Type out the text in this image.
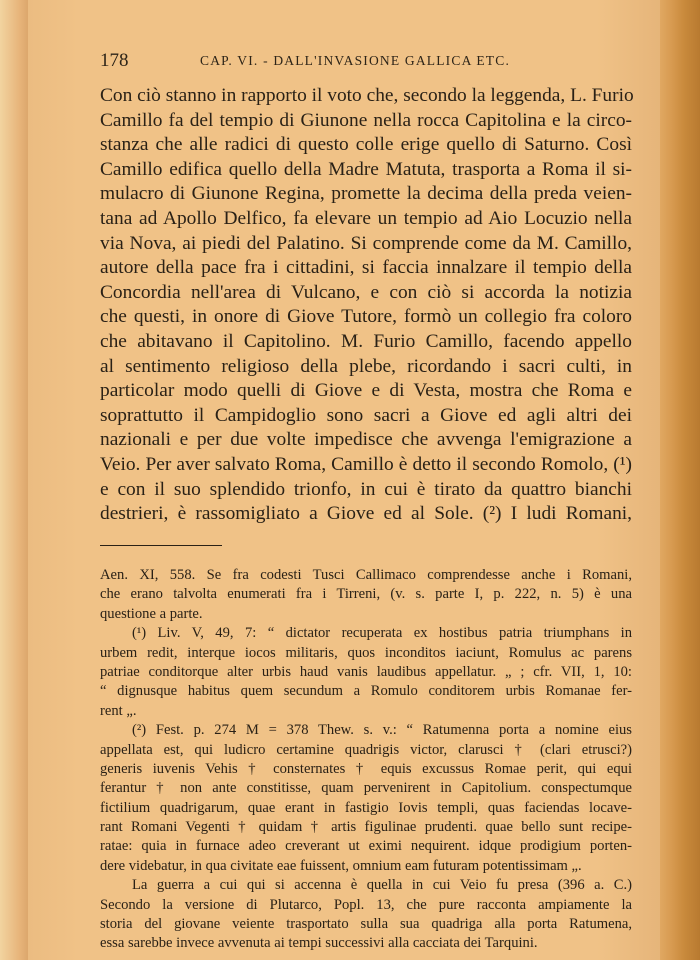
178	CAP. VI. - DALL'INVASIONE GALLICA ETC.
Con ciò stanno in rapporto il voto che, secondo la leggenda, L. Furio
Camillo fa del tempio di Giunone nella rocca Capitolina e la circo-
stanza che alle radici di questo colle erige quello di Saturno. Così
Camillo edifica quello della Madre Matuta, trasporta a Roma il si-
mulacro di Giunone Regina, promette la decima della preda veien-
tana ad Apollo Delfico, fa elevare un tempio ad Aio Locuzio nella
via Nova, ai piedi del Palatino. Si comprende come da M. Camillo,
autore della pace fra i cittadini, si faccia innalzare il tempio della
Concordia nell'area di Vulcano, e con ciò si accorda la notizia
che questi, in onore di Giove Tutore, formò un collegio fra coloro
che abitavano il Capitolino. M. Furio Camillo, facendo appello
al sentimento religioso della plebe, ricordando i sacri culti, in
particolar modo quelli di Giove e di Vesta, mostra che Roma e
soprattutto il Campidoglio sono sacri a Giove ed agli altri dei
nazionali e per due volte impedisce che avvenga l'emigrazione a
Veio. Per aver salvato Roma, Camillo è detto il secondo Romolo, (¹)
e con il suo splendido trionfo, in cui è tirato da quattro bianchi
destrieri, è rassomigliato a Giove ed al Sole. (²) I ludi Romani,
Aen. XI, 558. Se fra codesti Tusci Callimaco comprendesse anche i Romani,
che erano talvolta enumerati fra i Tirreni, (v. s. parte I, p. 222, n. 5) è una
questione a parte.
(¹) Liv. V, 49, 7: “ dictator recuperata ex hostibus patria triumphans in
urbem redit, interque iocos militaris, quos inconditos iaciunt, Romulus ac parens
patriae conditorque alter urbis haud vanis laudibus appellatur. „ ; cfr. VII, 1, 10:
“ dignusque habitus quem secundum a Romulo conditorem urbis Romanae fer-
rent „.
(²) Fest. p. 274 M = 378 Thew. s. v.: “ Ratumenna porta a nomine eius
appellata est, qui ludicro certamine quadrigis victor, clarusci † (clari etrusci?)
generis iuvenis Vehis † consternates † equis excussus Romae perit, qui equi
ferantur † non ante constitisse, quam pervenirent in Capitolium. conspectumque
fictilium quadrigarum, quae erant in fastigio Iovis templi, quas faciendas locave-
rant Romani Vegenti † quidam † artis figulinae prudenti. quae bello sunt recipe-
ratae: quia in furnace adeo creverant ut eximi nequirent. idque prodigium porten-
dere videbatur, in qua civitate eae fuissent, omnium eam futuram potentissimam „.
La guerra a cui qui si accenna è quella in cui Veio fu presa (396 a. C.)
Secondo la versione di Plutarco, Popl. 13, che pure racconta ampiamente la
storia del giovane veiente trasportato sulla sua quadriga alla porta Ratumena,
essa sarebbe invece avvenuta ai tempi successivi alla cacciata dei Tarquini.
